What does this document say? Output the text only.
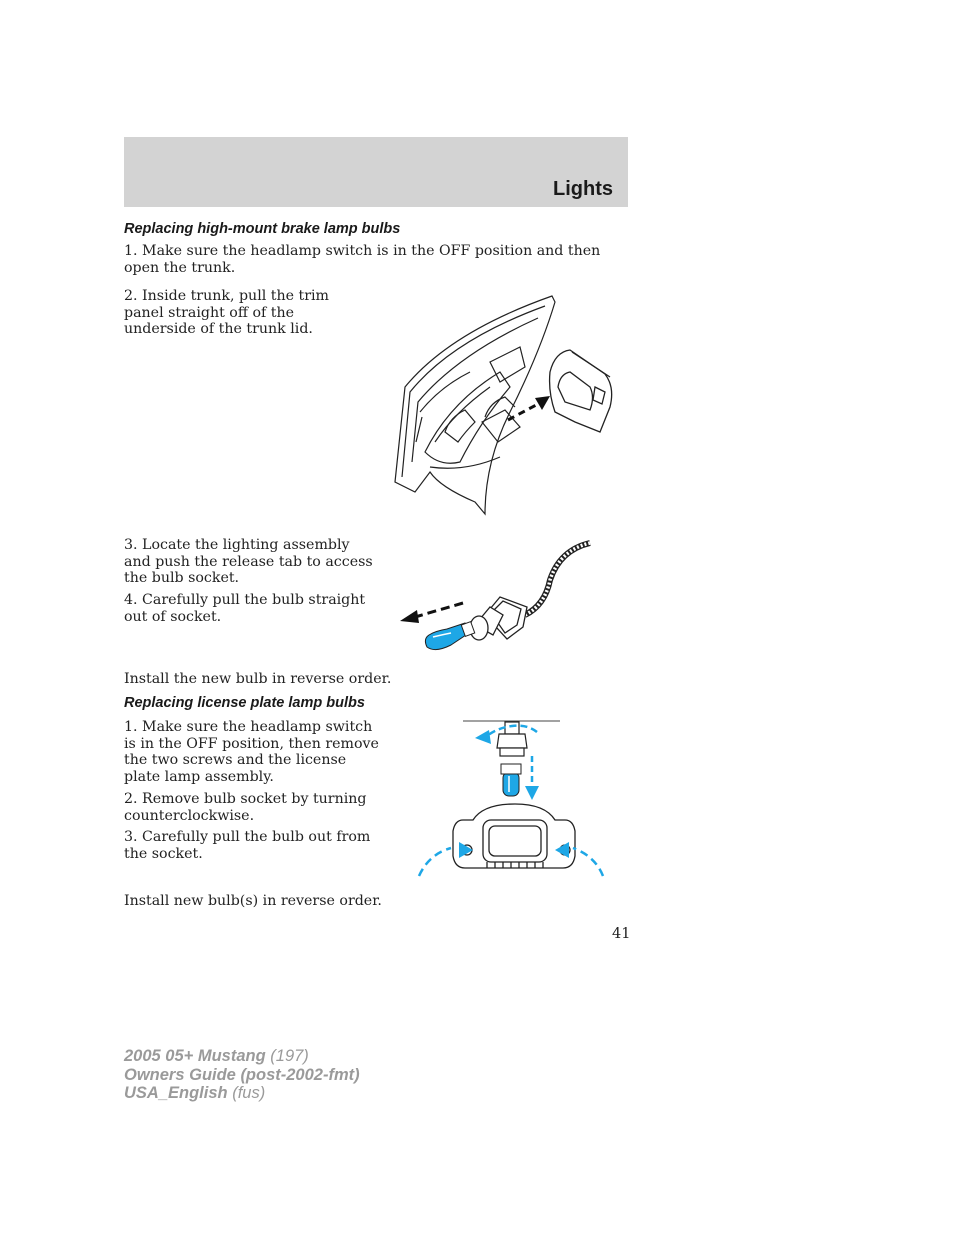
Lights
Replacing high-mount brake lamp bulbs
1. Make sure the headlamp switch is in the OFF position and then open the trunk.
2. Inside trunk, pull the trim panel straight off of the underside of the trunk lid.
3. Locate the lighting assembly and push the release tab to access the bulb socket.
4. Carefully pull the bulb straight out of socket.
Install the new bulb in reverse order.
Replacing license plate lamp bulbs
1. Make sure the headlamp switch is in the OFF position, then remove the two screws and the license plate lamp assembly.
2. Remove bulb socket by turning counterclockwise.
3. Carefully pull the bulb out from the socket.
Install new bulb(s) in reverse order.
41
2005 05+ Mustang (197)
Owners Guide (post-2002-fmt)
USA_English (fus)
